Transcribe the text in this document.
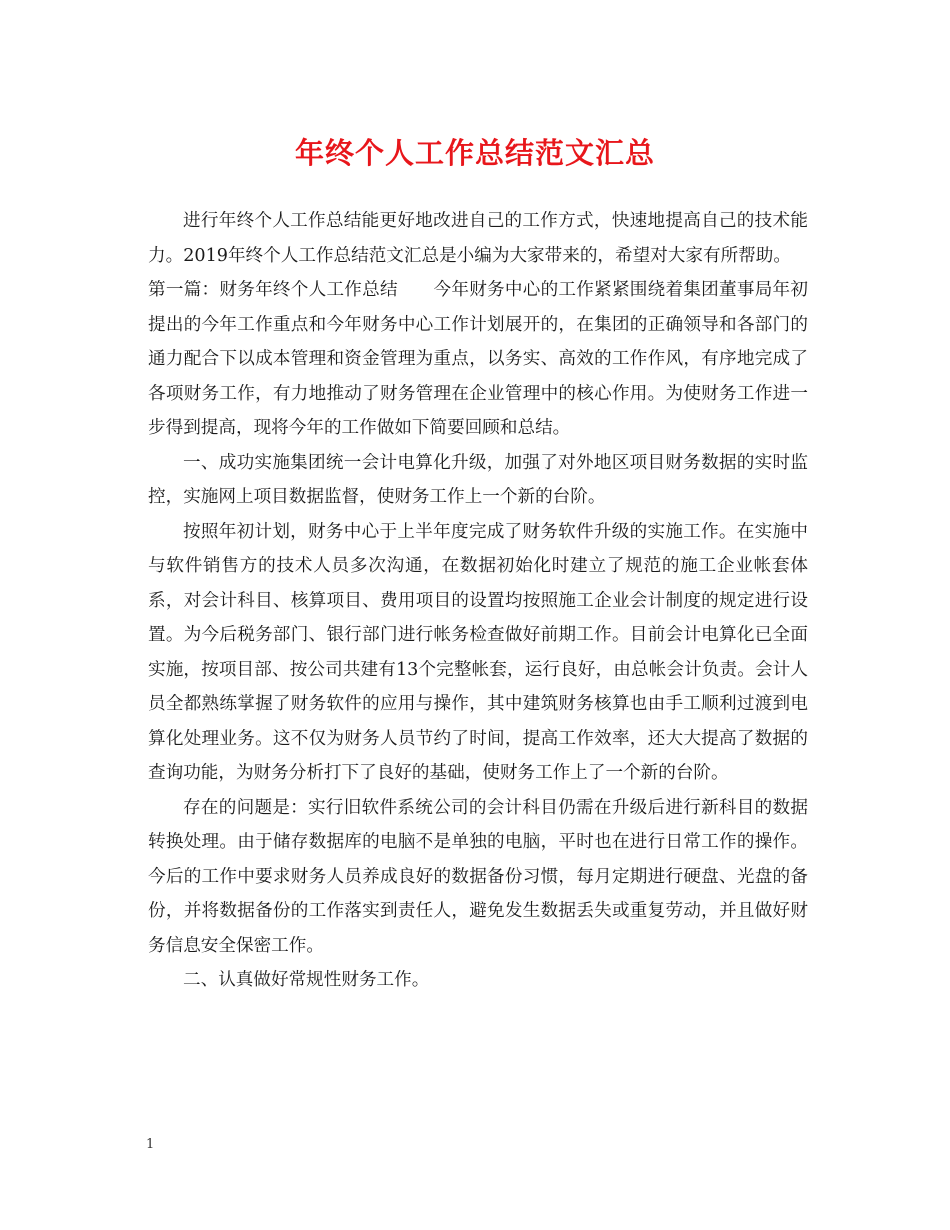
年终个人工作总结范文汇总

进行年终个人工作总结能更好地改进自己的工作方式，快速地提高自己的技术能力。2019年终个人工作总结范文汇总是小编为大家带来的，希望对大家有所帮助。

第一篇：财务年终个人工作总结　　今年财务中心的工作紧紧围绕着集团董事局年初提出的今年工作重点和今年财务中心工作计划展开的，在集团的正确领导和各部门的通力配合下以成本管理和资金管理为重点，以务实、高效的工作作风，有序地完成了各项财务工作，有力地推动了财务管理在企业管理中的核心作用。为使财务工作进一步得到提高，现将今年的工作做如下简要回顾和总结。

一、成功实施集团统一会计电算化升级，加强了对外地区项目财务数据的实时监控，实施网上项目数据监督，使财务工作上一个新的台阶。

按照年初计划，财务中心于上半年度完成了财务软件升级的实施工作。在实施中与软件销售方的技术人员多次沟通，在数据初始化时建立了规范的施工企业帐套体系，对会计科目、核算项目、费用项目的设置均按照施工企业会计制度的规定进行设置。为今后税务部门、银行部门进行帐务检查做好前期工作。目前会计电算化已全面实施，按项目部、按公司共建有13个完整帐套，运行良好，由总帐会计负责。会计人员全都熟练掌握了财务软件的应用与操作，其中建筑财务核算也由手工顺利过渡到电算化处理业务。这不仅为财务人员节约了时间，提高工作效率，还大大提高了数据的查询功能，为财务分析打下了良好的基础，使财务工作上了一个新的台阶。

存在的问题是：实行旧软件系统公司的会计科目仍需在升级后进行新科目的数据转换处理。由于储存数据库的电脑不是单独的电脑，平时也在进行日常工作的操作。今后的工作中要求财务人员养成良好的数据备份习惯，每月定期进行硬盘、光盘的备份，并将数据备份的工作落实到责任人，避免发生数据丢失或重复劳动，并且做好财务信息安全保密工作。

二、认真做好常规性财务工作。

1
